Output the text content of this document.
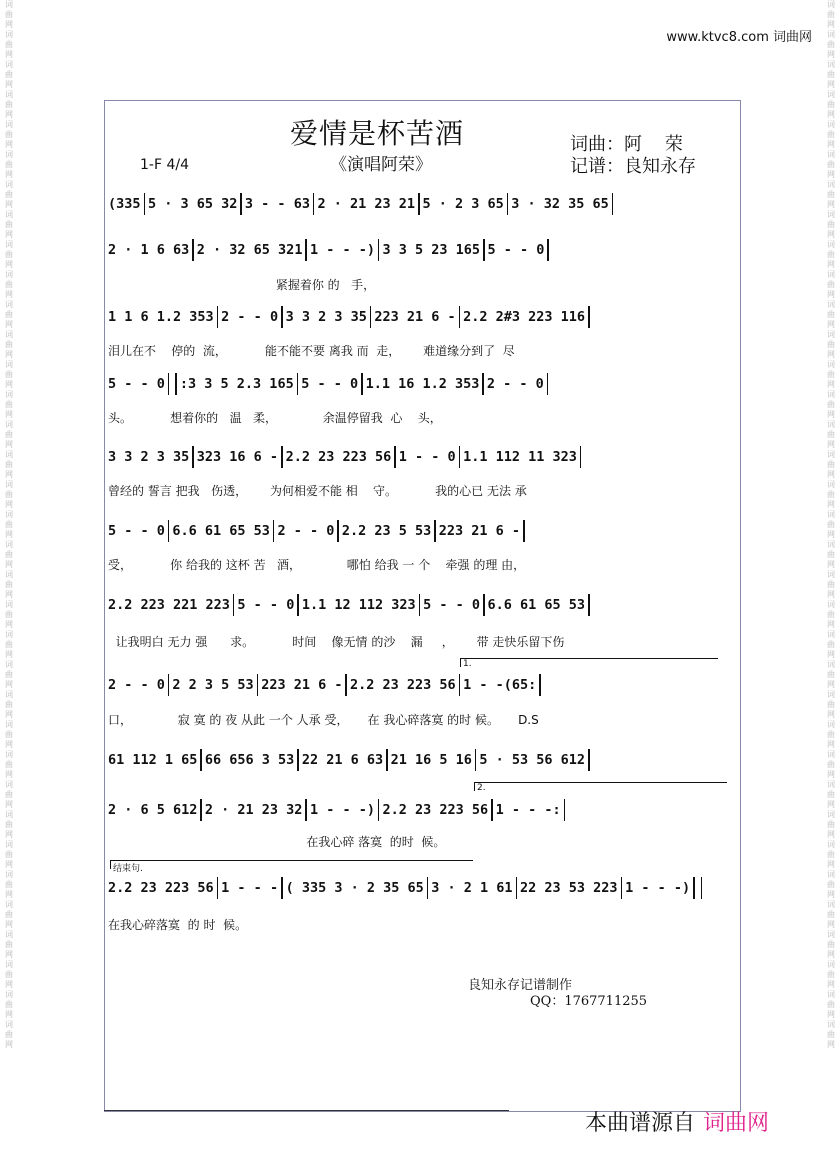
词曲网词曲网词曲网词曲网词曲网词曲网词曲网词曲网词曲网词曲网词曲网词曲网词曲网词曲网词曲网词曲网词曲网词曲网词曲网词曲网词曲网词曲网词曲网词曲网词曲网词曲网词曲网词曲网词曲网词曲网词曲网词曲网词曲网词曲网词曲网
词曲网词曲网词曲网词曲网词曲网词曲网词曲网词曲网词曲网词曲网词曲网词曲网词曲网词曲网词曲网词曲网词曲网词曲网词曲网词曲网词曲网词曲网词曲网词曲网词曲网词曲网词曲网词曲网词曲网词曲网词曲网词曲网词曲网词曲网词曲网
www.ktvc8.com 词曲网
爱情是杯苦酒
《演唱阿荣》
词曲：阿    荣
记谱：良知永存
1-F 4/4
(335 5 · 3 65 32 3 - - 63 2 · 21 23 21 5 · 2 3 65 3 · 32 35 65
2 · 1 6 63 2 · 32 65 321 1 - - -) 3 3 5 23 165 5 - - 0
紧握着你 的   手，
1 1 6 1.2 353 2 - - 0 3 3 2 3 35 223 21 6 - 2.2 2#3 223 116
泪儿在不    停的  流，          能不能不要 离我 而  走，      难道缘分到了  尽
5 - - 0 :3 3 5 2.3 165 5 - - 0 1.1 16 1.2 353 2 - - 0
头。          想着你的   温   柔，            余温停留我  心    头，
3 3 2 3 35 323 16 6 - 2.2 23 223 56 1 - - 0 1.1 112 11 323
曾经的 誓言 把我   伤透，      为何相爱不能 相    守。          我的心已 无法 承
5 - - 0 6.6 61 65 53 2 - - 0 2.2 23 5 53 223 21 6 -
受，          你 给我的 这杯 苦   酒，            哪怕 给我 一 个    牵强 的理 由，
2.2 223 221 223 5 - - 0 1.1 12 112 323 5 - - 0 6.6 61 65 53
让我明白 无力 强      求。          时间    像无情 的沙    漏     ，      带 走快乐留下伤
2 - - 0 2 2 3 5 53 223 21 6 - 2.2 23 223 56 1 - -(65:
口，            寂 寞 的 夜 从此 一个 人承 受，     在 我心碎落寞 的时 候。     D.S
61 112 1 65 66 656 3 53 22 21 6 63 21 16 5 16 5 · 53 56 612
2 · 6 5 612 2 · 21 23 32 1 - - -) 2.2 23 223 56 1 - - -:
在我心碎 落寞  的时  候。
2.2 23 223 56 1 - - - ( 335 3 · 2 35 65 3 · 2 1 61 22 23 53 223 1 - - -)
在我心碎落寞  的 时  候。
1.
2.
结束句.
良知永存记谱制作
QQ：1767711255
本曲谱源自 词曲网
